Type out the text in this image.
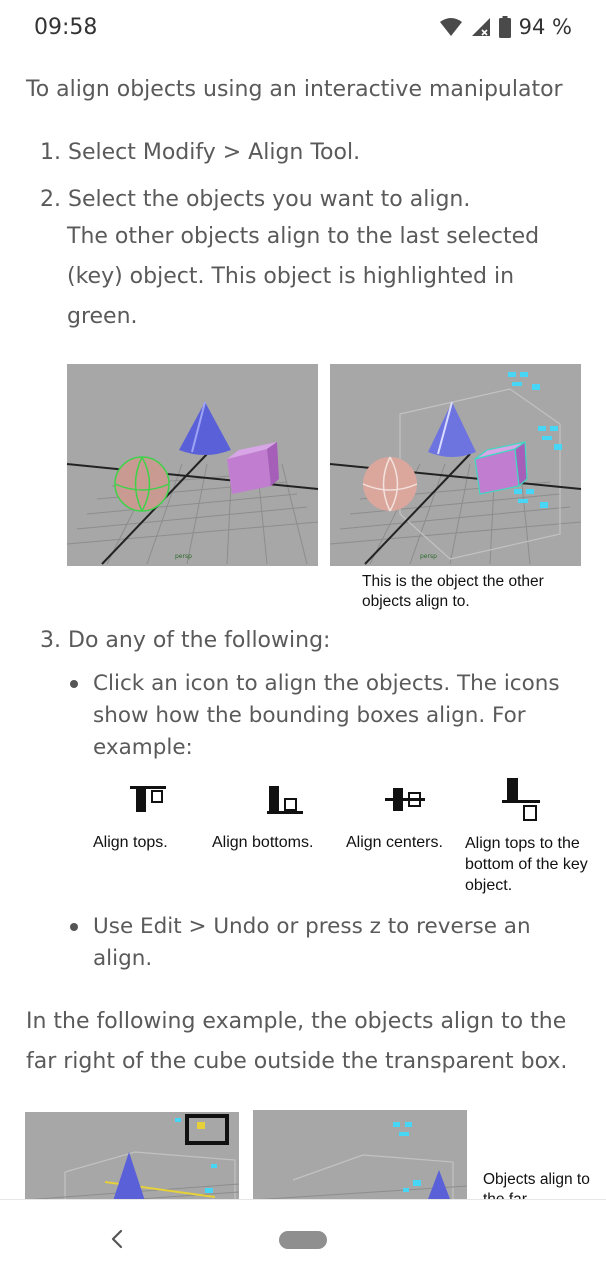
09:58	94 %
To align objects using an interactive manipulator
1. Select Modify > Align Tool.
2. Select the objects you want to align.
The other objects align to the last selected (key) object. This object is highlighted in green.
persp	persp
This is the object the other objects align to.
3. Do any of the following:
Click an icon to align the objects. The icons show how the bounding boxes align. For example:
Align tops.	Align bottoms.	Align centers.	Align tops to the bottom of the key object.
Use Edit > Undo or press z to reverse an align.
In the following example, the objects align to the far right of the cube outside the transparent box.
Objects align to
